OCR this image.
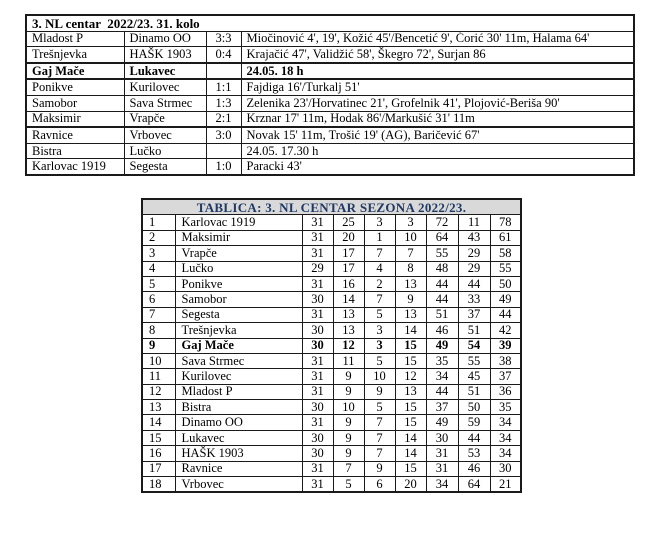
3. NL centar  2022/23. 31. kolo			
Mladost P	Dinamo OO	3:3	Miočinović 4', 19', Kožić 45'/Bencetić 9', Ćorić 30' 11m, Halama 64'
Trešnjevka	HAŠK 1903	0:4	Krajačić 47', Validžić 58', Škegro 72', Surjan 86
Gaj Mače	Lukavec		24.05. 18 h
Ponikve	Kurilovec	1:1	Fajdiga 16'/Turkalj 51'
Samobor	Sava Strmec	1:3	Zelenika 23'/Horvatinec 21', Grofelnik 41', Plojović-Beriša 90'
Maksimir	Vrapče	2:1	Krznar 17' 11m, Hodak 86'/Markušić 31' 11m
Ravnice	Vrbovec	3:0	Novak 15' 11m, Trošić 19' (AG), Baričević 67'
Bistra	Lučko		24.05. 17.30 h
Karlovac 1919	Segesta	1:0	Paracki 43'
TABLICA: 3. NL CENTAR SEZONA 2022/23.								
1	Karlovac 1919	31	25	3	3	72	11	78
2	Maksimir	31	20	1	10	64	43	61
3	Vrapče	31	17	7	7	55	29	58
4	Lučko	29	17	4	8	48	29	55
5	Ponikve	31	16	2	13	44	44	50
6	Samobor	30	14	7	9	44	33	49
7	Segesta	31	13	5	13	51	37	44
8	Trešnjevka	30	13	3	14	46	51	42
9	Gaj Mače	30	12	3	15	49	54	39
10	Sava Strmec	31	11	5	15	35	55	38
11	Kurilovec	31	9	10	12	34	45	37
12	Mladost P	31	9	9	13	44	51	36
13	Bistra	30	10	5	15	37	50	35
14	Dinamo OO	31	9	7	15	49	59	34
15	Lukavec	30	9	7	14	30	44	34
16	HAŠK 1903	30	9	7	14	31	53	34
17	Ravnice	31	7	9	15	31	46	30
18	Vrbovec	31	5	6	20	34	64	21
